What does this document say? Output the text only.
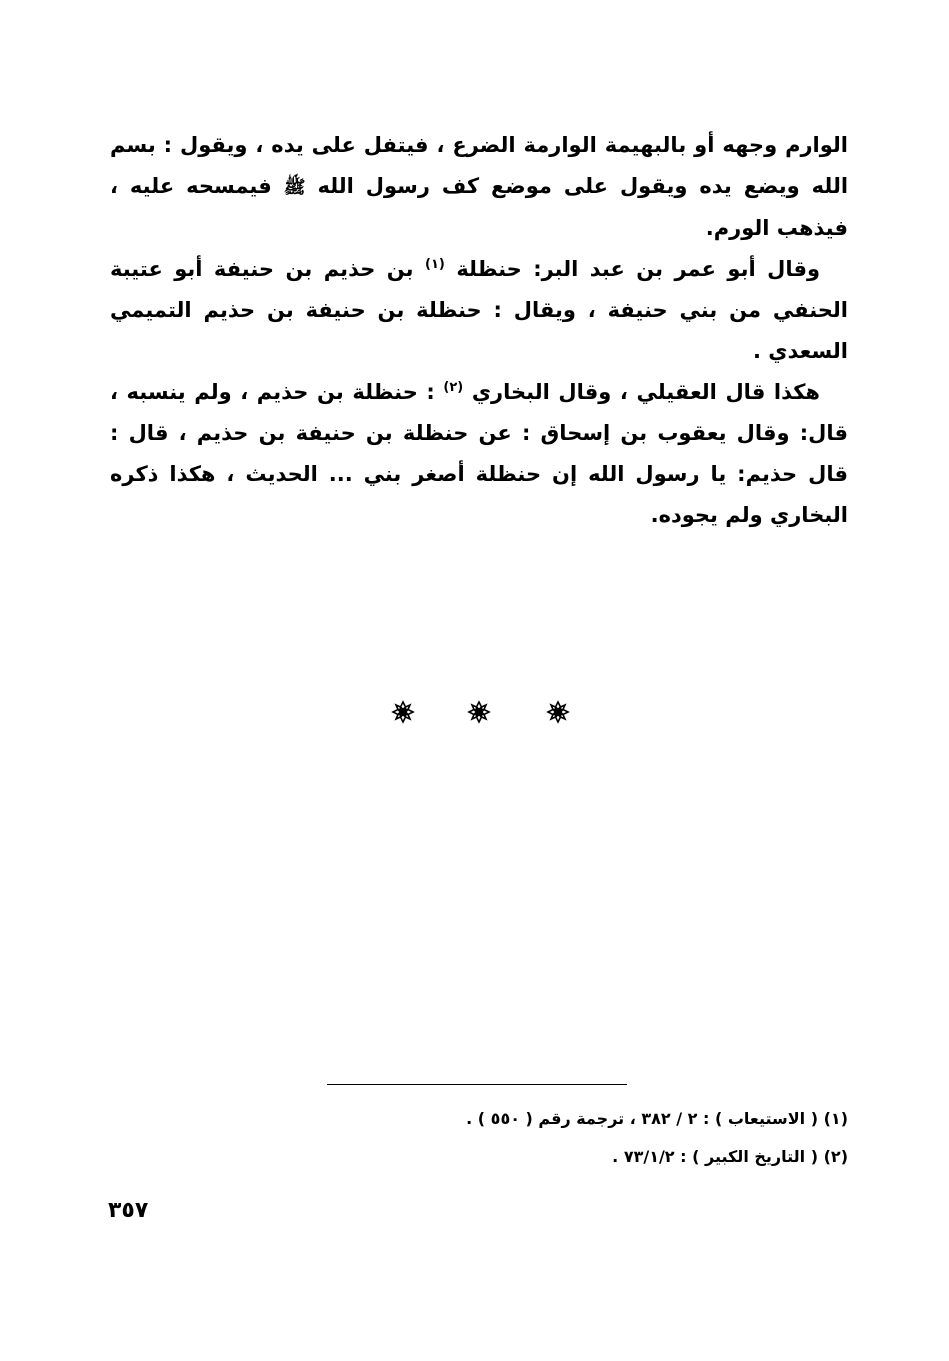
الوارم وجهه أو بالبهيمة الوارمة الضرع ، فيتفل على يده ، ويقول : بسم الله ويضع يده ويقول على موضع كف رسول الله ﷺ فيمسحه عليه ، فيذهب الورم.

وقال أبو عمر بن عبد البر: حنظلة $^{(١)}$ بن حذيم بن حنيفة أبو عتيبة الحنفي من بني حنيفة ، ويقال : حنظلة بن حنيفة بن حذيم التميمي السعدي .

هكذا قال العقيلي ، وقال البخاري $^{(٢)}$ : حنظلة بن حذيم ، ولم ينسبه ، قال: وقال يعقوب بن إسحاق : عن حنظلة بن حنيفة بن حذيم ، قال : قال حذيم: يا رسول الله إن حنظلة أصغر بني ... الحديث ، هكذا ذكره البخاري ولم يجوده.

(١) ( الاستيعاب ) : ٢ / ٣٨٢ ، ترجمة رقم ( ٥٥٠ ) .

(٢) ( التاريخ الكبير ) : ٧٣/١/٢ .

٣٥٧
